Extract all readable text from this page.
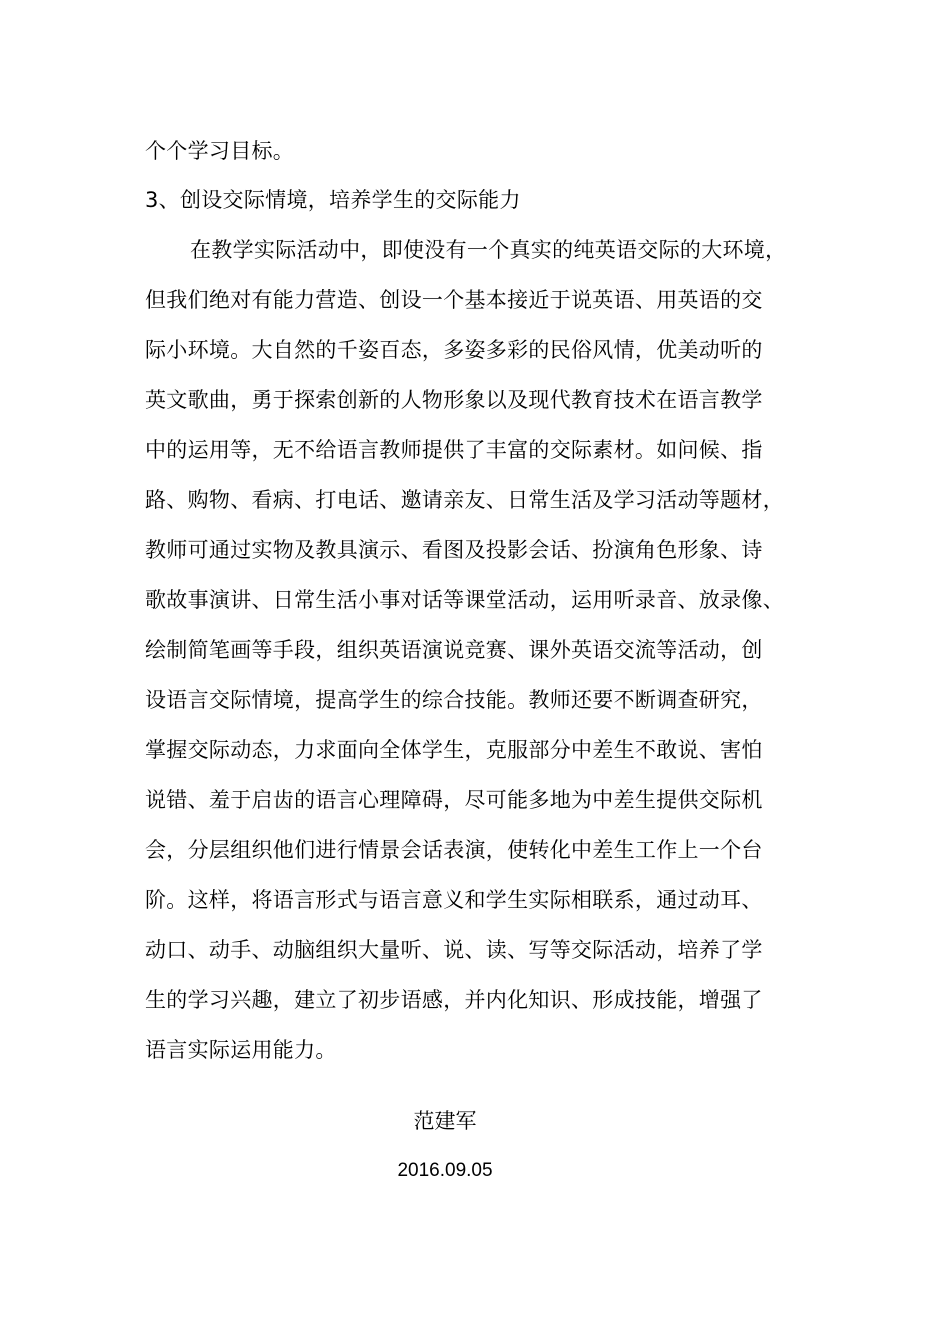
个个学习目标。
3、创设交际情境，培养学生的交际能力
在教学实际活动中，即使没有一个真实的纯英语交际的大环境，
但我们绝对有能力营造、创设一个基本接近于说英语、用英语的交
际小环境。大自然的千姿百态，多姿多彩的民俗风情，优美动听的
英文歌曲，勇于探索创新的人物形象以及现代教育技术在语言教学
中的运用等，无不给语言教师提供了丰富的交际素材。如问候、指
路、购物、看病、打电话、邀请亲友、日常生活及学习活动等题材，
教师可通过实物及教具演示、看图及投影会话、扮演角色形象、诗
歌故事演讲、日常生活小事对话等课堂活动，运用听录音、放录像、
绘制简笔画等手段，组织英语演说竞赛、课外英语交流等活动，创
设语言交际情境，提高学生的综合技能。教师还要不断调查研究，
掌握交际动态，力求面向全体学生，克服部分中差生不敢说、害怕
说错、羞于启齿的语言心理障碍，尽可能多地为中差生提供交际机
会，分层组织他们进行情景会话表演，使转化中差生工作上一个台
阶。这样，将语言形式与语言意义和学生实际相联系，通过动耳、
动口、动手、动脑组织大量听、说、读、写等交际活动，培养了学
生的学习兴趣，建立了初步语感，并内化知识、形成技能，增强了
语言实际运用能力。
范建军
2016.09.05
